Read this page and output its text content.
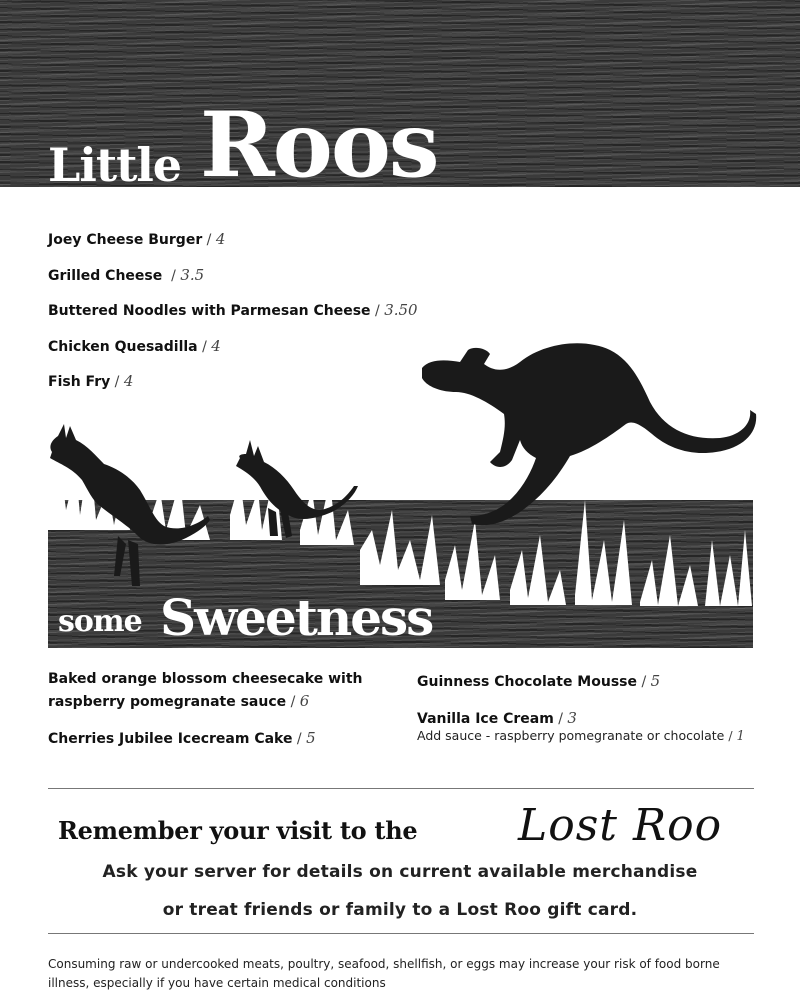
Little Roos
Joey Cheese Burger / 4
Grilled Cheese  / 3.5
Buttered Noodles with Parmesan Cheese / 3.50
Chicken Quesadilla / 4
Fish Fry / 4
some Sweetness
Baked orange blossom cheesecake with raspberry pomegranate sauce / 6
Cherries Jubilee Icecream Cake / 5
Guinness Chocolate Mousse / 5
Vanilla Ice Cream / 3
Add sauce - raspberry pomegranate or chocolate / 1
Remember your visit to the Lost Roo
Ask your server for details on current available merchandise
or treat friends or family to a Lost Roo gift card.
Consuming raw or undercooked meats, poultry, seafood, shellfish, or eggs may increase your risk of food borne illness, especially if you have certain medical conditions
